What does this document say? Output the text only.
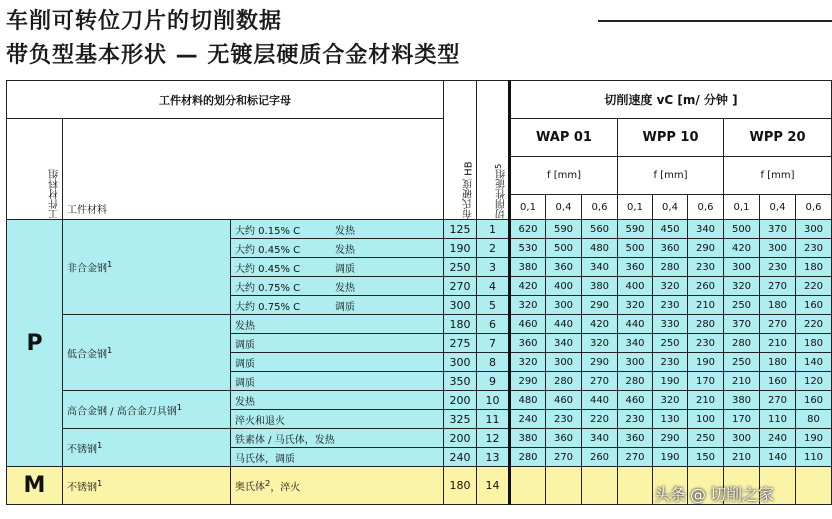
车削可转位刀片的切削数据
带负型基本形状 — 无镀层硬质合金材料类型
工件材料的划分和标记字母			布氏硬度 HB	切削性能组$^5$	切削速度 vC [m/ 分钟 ]								
工件材料组	工件材料				WAP 01			WPP 10			WPP 20		
					f [mm]			f [mm]			f [mm]		
					0,1	0,4	0,6	0,1	0,4	0,6	0,1	0,4	0,6
P	非合金钢$^1$	大约 0.15% C 发热	125	1	620	590	560	590	450	340	500	370	300
		大约 0.45% C 发热	190	2	530	500	480	500	360	290	420	300	230
		大约 0.45% C 调质	250	3	380	360	340	360	280	230	300	230	180
		大约 0.75% C 发热	270	4	420	400	380	400	320	260	320	270	220
		大约 0.75% C 调质	300	5	320	300	290	320	230	210	250	180	160
	低合金钢$^1$	发热	180	6	460	440	420	440	330	280	370	270	220
		调质	275	7	360	340	320	340	250	230	280	210	180
		调质	300	8	320	300	290	300	230	190	250	180	140
		调质	350	9	290	280	270	280	190	170	210	160	120
	高合金钢 / 高合金刀具钢$^1$	发热	200	10	480	460	440	460	320	210	380	270	160
		淬火和退火	325	11	240	230	220	230	130	100	170	110	80
	不锈钢$^1$	铁素体 / 马氏体，发热	200	12	380	360	340	360	290	250	300	240	190
		马氏体，调质	240	13	280	270	260	270	190	150	210	140	110
M	不锈钢$^1$	奥氏体$^2$，淬火	180	14										头条 @ 切削之家
